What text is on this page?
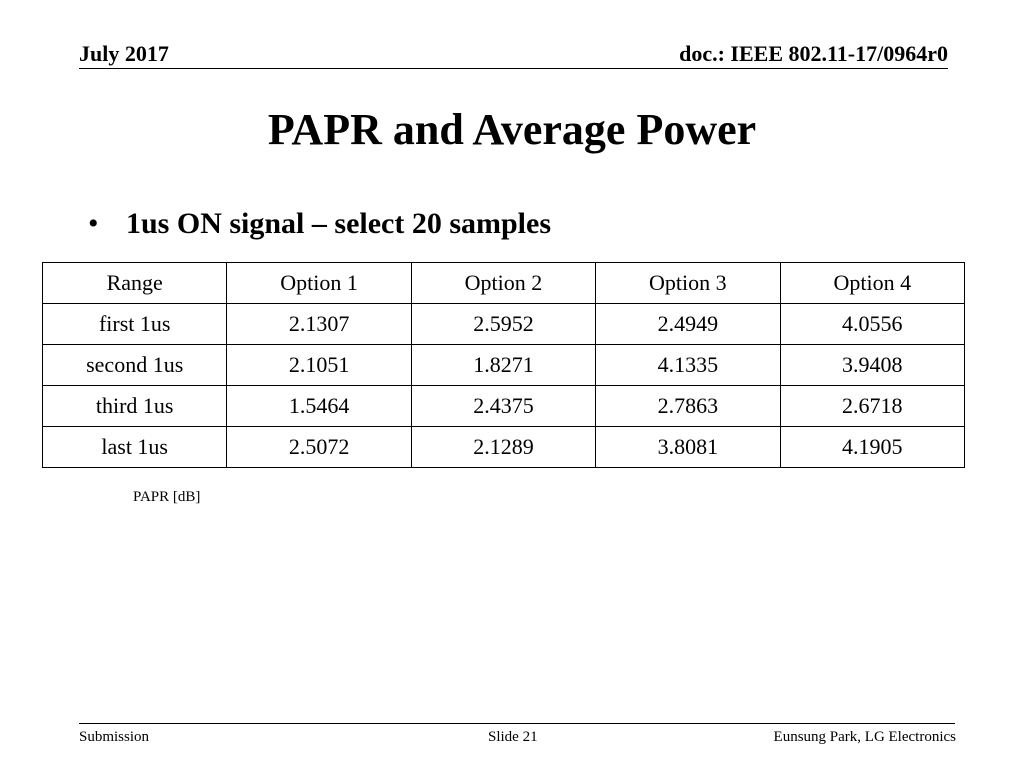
July 2017	doc.: IEEE 802.11-17/0964r0
PAPR and Average Power
• 1us ON signal – select 20 samples
Range	Option 1	Option 2	Option 3	Option 4
first 1us	2.1307	2.5952	2.4949	4.0556
second 1us	2.1051	1.8271	4.1335	3.9408
third 1us	1.5464	2.4375	2.7863	2.6718
last 1us	2.5072	2.1289	3.8081	4.1905
PAPR [dB]
Submission	Slide 21	Eunsung Park, LG Electronics
